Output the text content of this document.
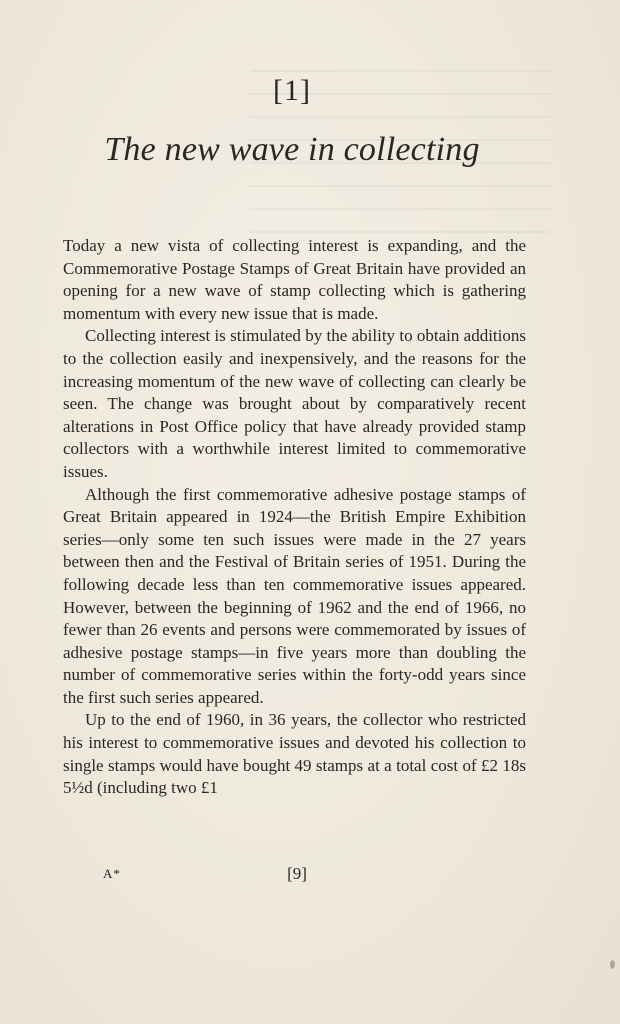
[1]
The new wave in collecting

Today a new vista of collecting interest is expanding, and the Commemorative Postage Stamps of Great Britain have provided an opening for a new wave of stamp collecting which is gathering momentum with every new issue that is made.

Collecting interest is stimulated by the ability to obtain additions to the collection easily and inexpensively, and the reasons for the increasing momentum of the new wave of collecting can clearly be seen. The change was brought about by comparatively recent alterations in Post Office policy that have already provided stamp collectors with a worthwhile interest limited to commemorative issues.

Although the first commemorative adhesive postage stamps of Great Britain appeared in 1924—the British Empire Exhibition series—only some ten such issues were made in the 27 years between then and the Festival of Britain series of 1951. During the following decade less than ten commemorative issues appeared. However, between the beginning of 1962 and the end of 1966, no fewer than 26 events and persons were commemorated by issues of adhesive postage stamps—in five years more than doubling the number of commemorative series within the forty-odd years since the first such series appeared.

Up to the end of 1960, in 36 years, the collector who restricted his interest to commemorative issues and devoted his collection to single stamps would have bought 49 stamps at a total cost of £2 18s 5½d (including two £1

A*	[9]
